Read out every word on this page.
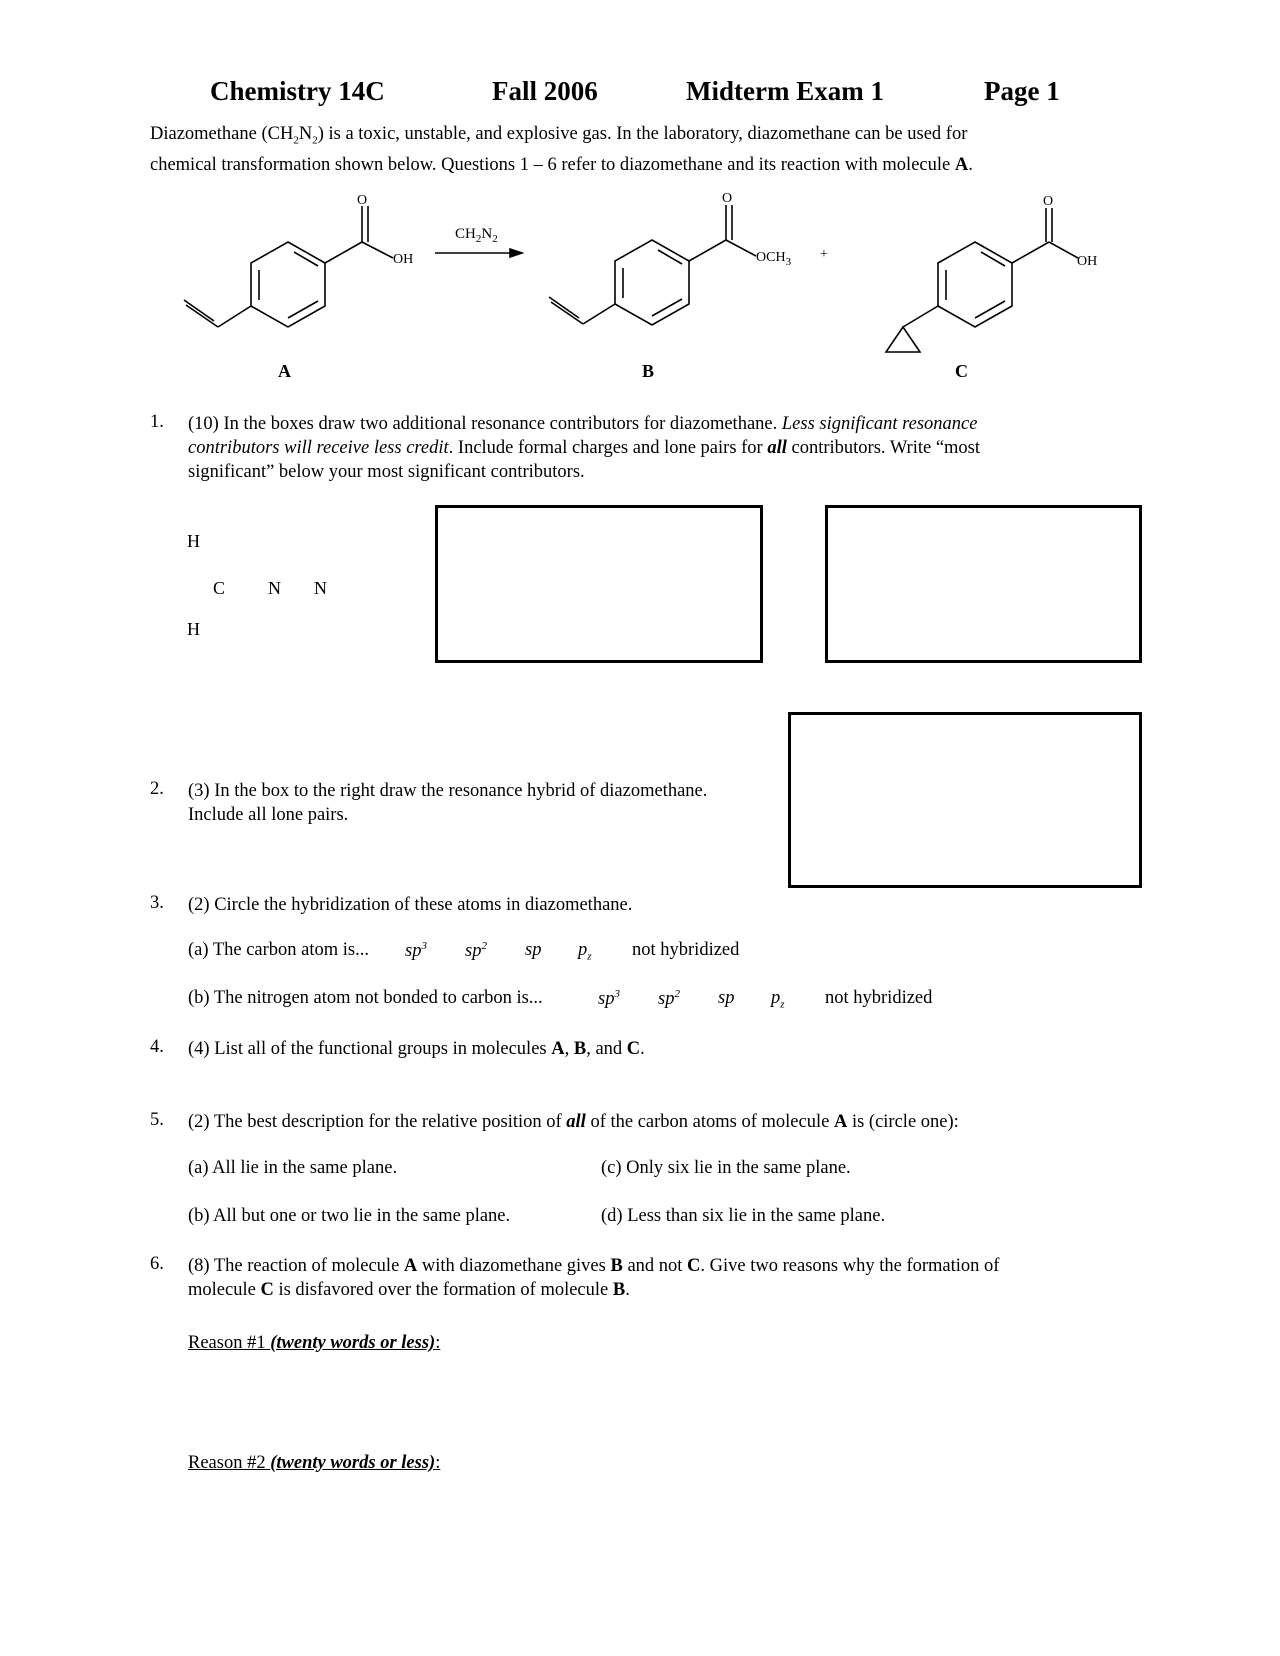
Chemistry 14C	Fall 2006	Midterm Exam 1	Page 1
Diazomethane $(CH_2N_2)$ is a toxic, unstable, and explosive gas. In the laboratory, diazomethane can be used for
chemical transformation shown below. Questions 1 – 6 refer to diazomethane and its reaction with molecule A.
O
OH
$CH_2N_2$
O
$OCH_3$ +
O
OH
A	B	C
1. (10) In the boxes draw two additional resonance contributors for diazomethane. Less significant resonance
contributors will receive less credit. Include formal charges and lone pairs for all contributors. Write “most
significant” below your most significant contributors.
H
C N N
H
2. (3) In the box to the right draw the resonance hybrid of diazomethane.
Include all lone pairs.
3. (2) Circle the hybridization of these atoms in diazomethane.
(a) The carbon atom is... $sp^3$ $sp^2$ sp $p_z$ not hybridized
(b) The nitrogen atom not bonded to carbon is...	$sp^3$ $sp^2$ sp $p_z$ not hybridized
4. (4) List all of the functional groups in molecules A, B, and C.
5. (2) The best description for the relative position of all of the carbon atoms of molecule A is (circle one):
(a) All lie in the same plane.	(c) Only six lie in the same plane.
(b) All but one or two lie in the same plane.	(d) Less than six lie in the same plane.
6. (8) The reaction of molecule A with diazomethane gives B and not C. Give two reasons why the formation of
molecule C is disfavored over the formation of molecule B.
Reason #1 (twenty words or less):
Reason #2 (twenty words or less):
